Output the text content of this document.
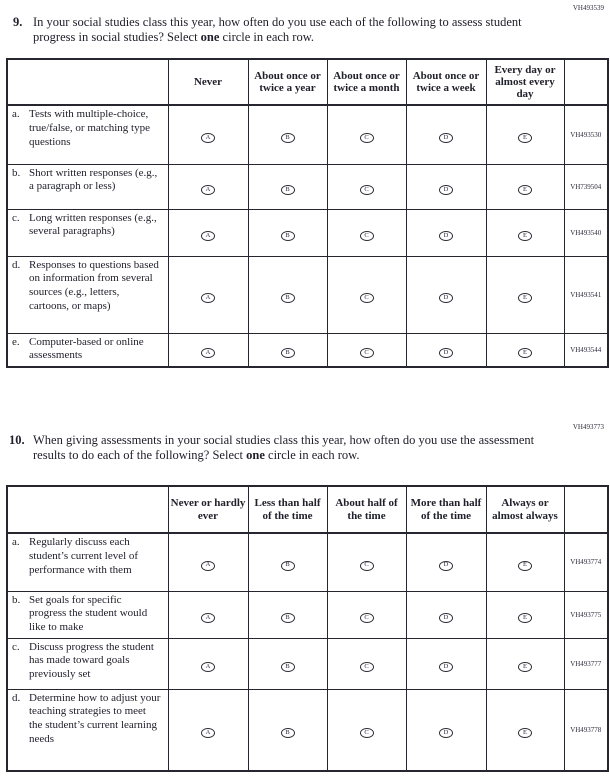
VH493539
9. In your social studies class this year, how often do you use each of the following to assess student progress in social studies? Select one circle in each row.
	Never	About once or twice a year	About once or twice a month	About once or twice a week	Every day or almost every day	

a. Tests with multiple-choice, true/false, or matching type questions	A	B	C	D	E	VH493530

b. Short written responses (e.g., a paragraph or less)	A	B	C	D	E	VH739504

c. Long written responses (e.g., several paragraphs)	A	B	C	D	E	VH493540

d. Responses to questions based on information from several sources (e.g., letters, cartoons, or maps)	A	B	C	D	E	VH493541

e. Computer-based or online assessments	A	B	C	D	E	VH493544
VH493773
10. When giving assessments in your social studies class this year, how often do you use the assessment results to do each of the following? Select one circle in each row.
	Never or hardly ever	Less than half of the time	About half of the time	More than half of the time	Always or almost always	

a. Regularly discuss each student’s current level of performance with them	A	B	C	D	E	VH493774

b. Set goals for specific progress the student would like to make	A	B	C	D	E	VH493775

c. Discuss progress the student has made toward goals previously set	A	B	C	D	E	VH493777

d. Determine how to adjust your teaching strategies to meet the student’s current learning needs	A	B	C	D	E	VH493778
